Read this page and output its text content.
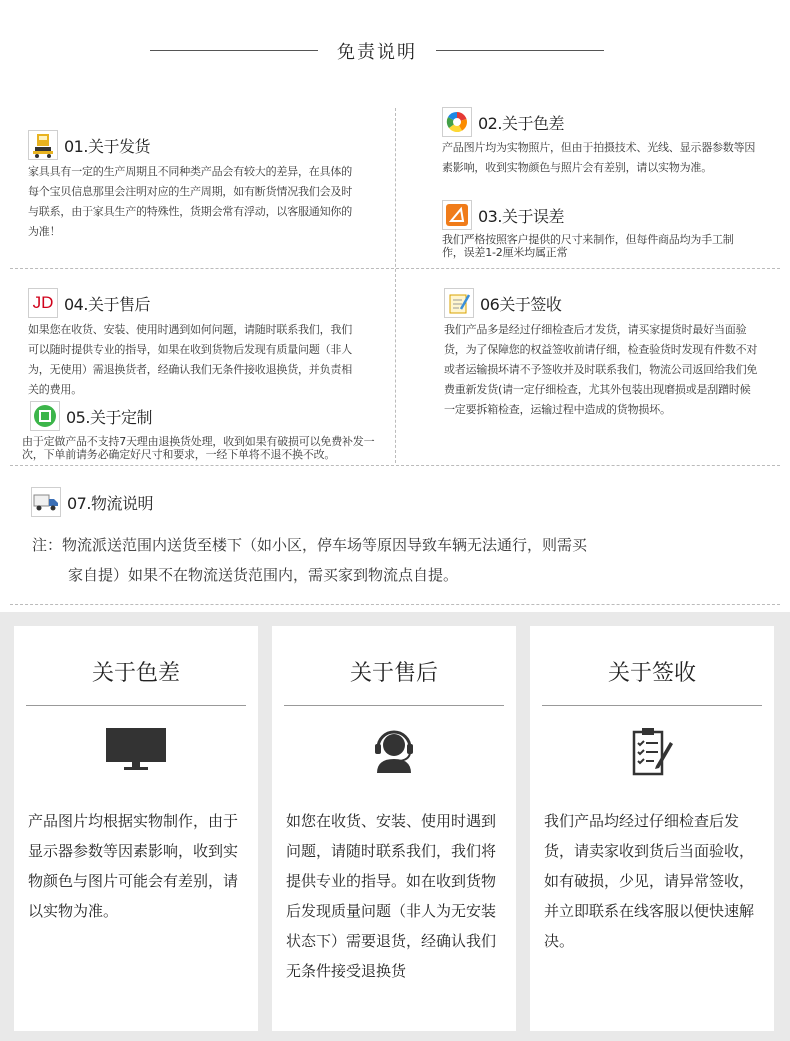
免责说明
01.关于发货
家具具有一定的生产周期且不同种类产品会有较大的差异，在具体的每个宝贝信息那里会注明对应的生产周期，如有断货情况我们会及时与联系，由于家具生产的特殊性，货期会常有浮动，以客服通知你的为准！
02.关于色差
产品图片均为实物照片，但由于拍摄技术、光线、显示器参数等因素影响，收到实物颜色与照片会有差别，请以实物为准。
03.关于误差
我们严格按照客户提供的尺寸来制作，但每件商品均为手工制作，误差1-2厘米均属正常
JD 04.关于售后
如果您在收货、安装、使用时遇到如何问题，请随时联系我们，我们可以随时提供专业的指导，如果在收到货物后发现有质量问题（非人为，无使用）需退换货者，经确认我们无条件接收退换货，并负责相关的费用。
05.关于定制
由于定做产品不支持7天理由退换货处理，收到如果有破损可以免费补发一次，下单前请务必确定好尺寸和要求，一经下单将不退不换不改。
06关于签收
我们产品多是经过仔细检查后才发货，请买家提货时最好当面验货，为了保障您的权益签收前请仔细，检查验货时发现有件数不对或者运输损坏请不予签收并及时联系我们，物流公司返回给我们免费重新发货(请一定仔细检查，尤其外包装出现磨损或是刮蹭时候一定要拆箱检查，运输过程中造成的货物损坏。
07.物流说明
注：物流派送范围内送货至楼下（如小区，停车场等原因导致车辆无法通行，则需买
家自提）如果不在物流送货范围内，需买家到物流点自提。
关于色差
产品图片均根据实物制作，由于显示器参数等因素影响，收到实物颜色与图片可能会有差别，请以实物为准。
关于售后
如您在收货、安装、使用时遇到问题，请随时联系我们，我们将提供专业的指导。如在收到货物后发现质量问题（非人为无安装状态下）需要退货，经确认我们无条件接受退换货
关于签收
我们产品均经过仔细检查后发货，请卖家收到货后当面验收，如有破损，少见，请异常签收，并立即联系在线客服以便快速解决。
